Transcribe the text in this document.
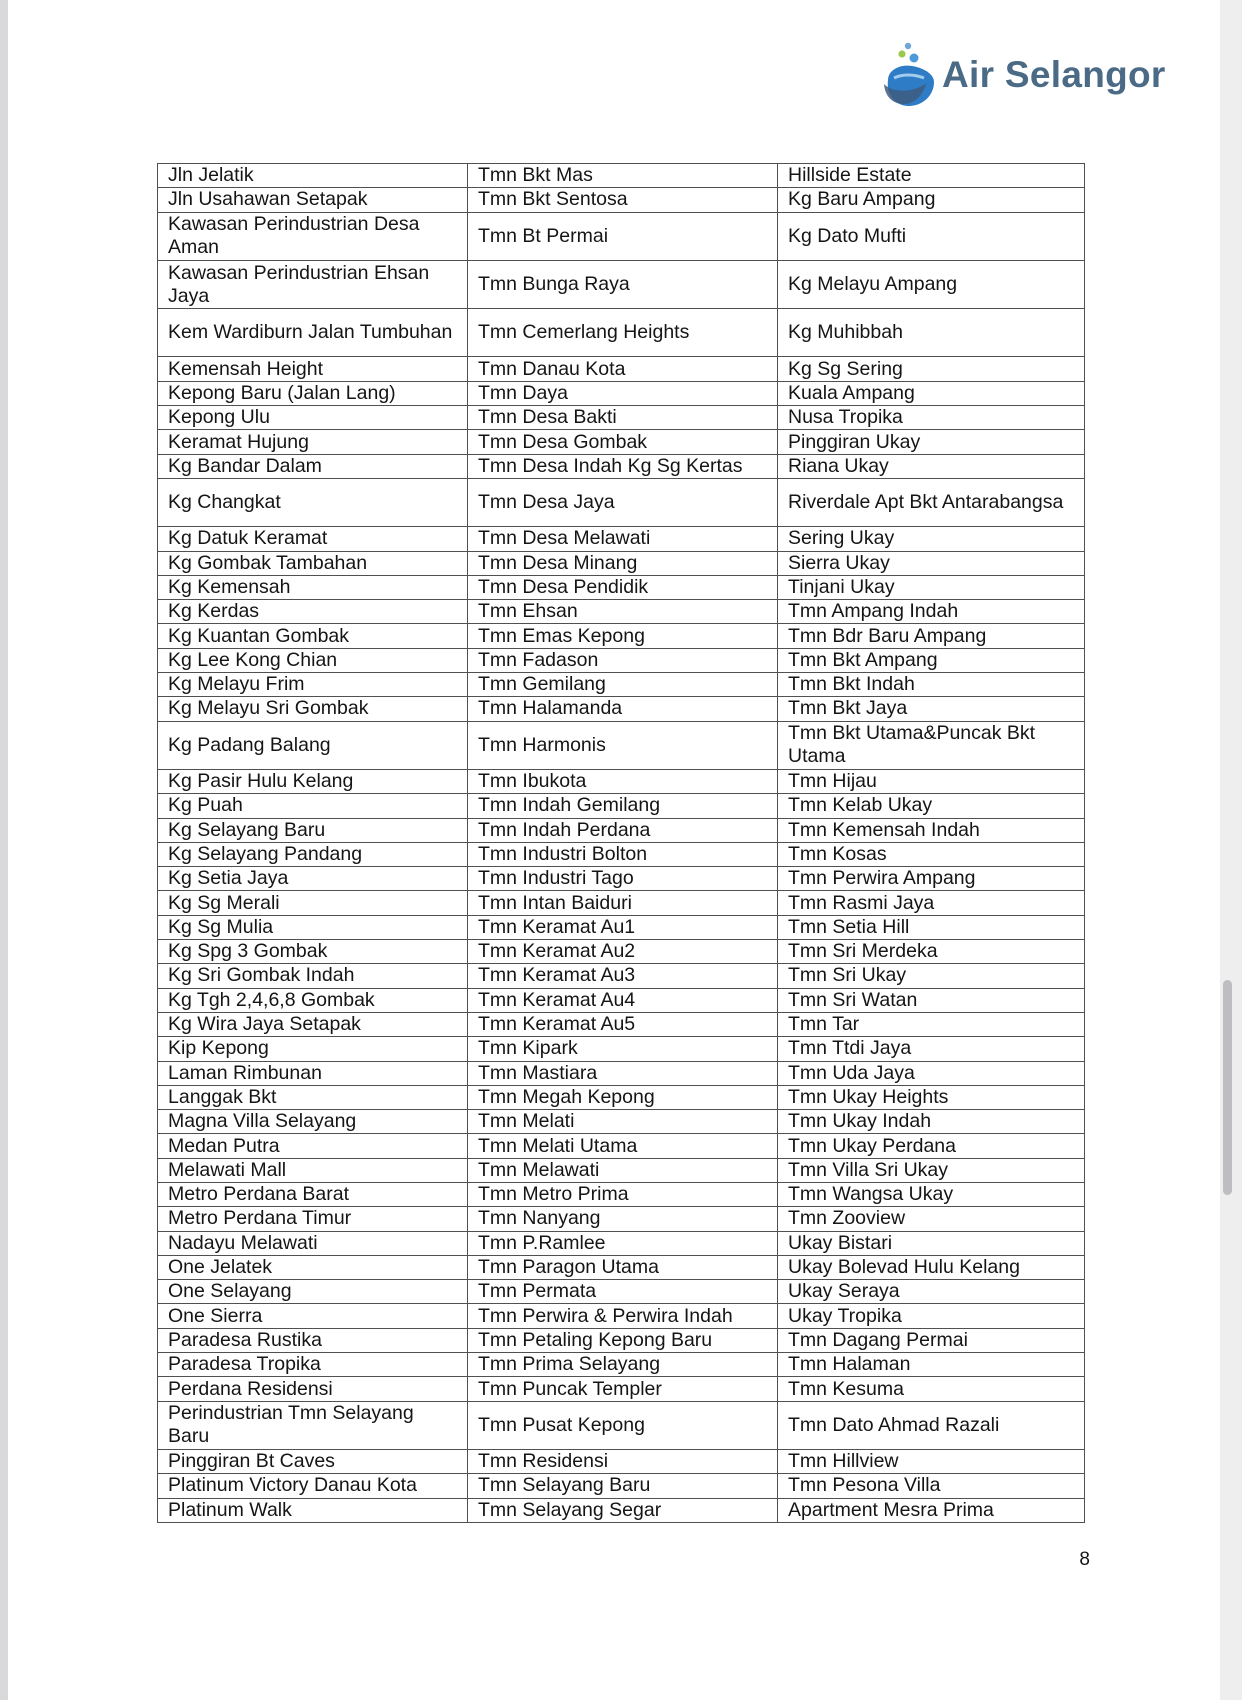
Air Selangor
Jln Jelatik	Tmn Bkt Mas	Hillside Estate
Jln Usahawan Setapak	Tmn Bkt Sentosa	Kg Baru Ampang
Kawasan Perindustrian Desa Aman	Tmn Bt Permai	Kg Dato Mufti
Kawasan Perindustrian Ehsan Jaya	Tmn Bunga Raya	Kg Melayu Ampang
Kem Wardiburn Jalan Tumbuhan	Tmn Cemerlang Heights	Kg Muhibbah
Kemensah Height	Tmn Danau Kota	Kg Sg Sering
Kepong Baru (Jalan Lang)	Tmn Daya	Kuala Ampang
Kepong Ulu	Tmn Desa Bakti	Nusa Tropika
Keramat Hujung	Tmn Desa Gombak	Pinggiran Ukay
Kg Bandar Dalam	Tmn Desa Indah Kg Sg Kertas	Riana Ukay
Kg Changkat	Tmn Desa Jaya	Riverdale Apt Bkt Antarabangsa
Kg Datuk Keramat	Tmn Desa Melawati	Sering Ukay
Kg Gombak Tambahan	Tmn Desa Minang	Sierra Ukay
Kg Kemensah	Tmn Desa Pendidik	Tinjani Ukay
Kg Kerdas	Tmn Ehsan	Tmn Ampang Indah
Kg Kuantan Gombak	Tmn Emas Kepong	Tmn Bdr Baru Ampang
Kg Lee Kong Chian	Tmn Fadason	Tmn Bkt Ampang
Kg Melayu Frim	Tmn Gemilang	Tmn Bkt Indah
Kg Melayu Sri Gombak	Tmn Halamanda	Tmn Bkt Jaya
Kg Padang Balang	Tmn Harmonis	Tmn Bkt Utama&Puncak Bkt Utama
Kg Pasir Hulu Kelang	Tmn Ibukota	Tmn Hijau
Kg Puah	Tmn Indah Gemilang	Tmn Kelab Ukay
Kg Selayang Baru	Tmn Indah Perdana	Tmn Kemensah Indah
Kg Selayang Pandang	Tmn Industri Bolton	Tmn Kosas
Kg Setia Jaya	Tmn Industri Tago	Tmn Perwira Ampang
Kg Sg Merali	Tmn Intan Baiduri	Tmn Rasmi Jaya
Kg Sg Mulia	Tmn Keramat Au1	Tmn Setia Hill
Kg Spg 3 Gombak	Tmn Keramat Au2	Tmn Sri Merdeka
Kg Sri Gombak Indah	Tmn Keramat Au3	Tmn Sri Ukay
Kg Tgh 2,4,6,8 Gombak	Tmn Keramat Au4	Tmn Sri Watan
Kg Wira Jaya Setapak	Tmn Keramat Au5	Tmn Tar
Kip Kepong	Tmn Kipark	Tmn Ttdi Jaya
Laman Rimbunan	Tmn Mastiara	Tmn Uda Jaya
Langgak Bkt	Tmn Megah Kepong	Tmn Ukay Heights
Magna Villa Selayang	Tmn Melati	Tmn Ukay Indah
Medan Putra	Tmn Melati Utama	Tmn Ukay Perdana
Melawati Mall	Tmn Melawati	Tmn Villa Sri Ukay
Metro Perdana Barat	Tmn Metro Prima	Tmn Wangsa Ukay
Metro Perdana Timur	Tmn Nanyang	Tmn Zooview
Nadayu Melawati	Tmn P.Ramlee	Ukay Bistari
One Jelatek	Tmn Paragon Utama	Ukay Bolevad Hulu Kelang
One Selayang	Tmn Permata	Ukay Seraya
One Sierra	Tmn Perwira & Perwira Indah	Ukay Tropika
Paradesa Rustika	Tmn Petaling Kepong Baru	Tmn Dagang Permai
Paradesa Tropika	Tmn Prima Selayang	Tmn Halaman
Perdana Residensi	Tmn Puncak Templer	Tmn Kesuma
Perindustrian Tmn Selayang Baru	Tmn Pusat Kepong	Tmn Dato Ahmad Razali
Pinggiran Bt Caves	Tmn Residensi	Tmn Hillview
Platinum Victory Danau Kota	Tmn Selayang Baru	Tmn Pesona Villa
Platinum Walk	Tmn Selayang Segar	Apartment Mesra Prima
8
